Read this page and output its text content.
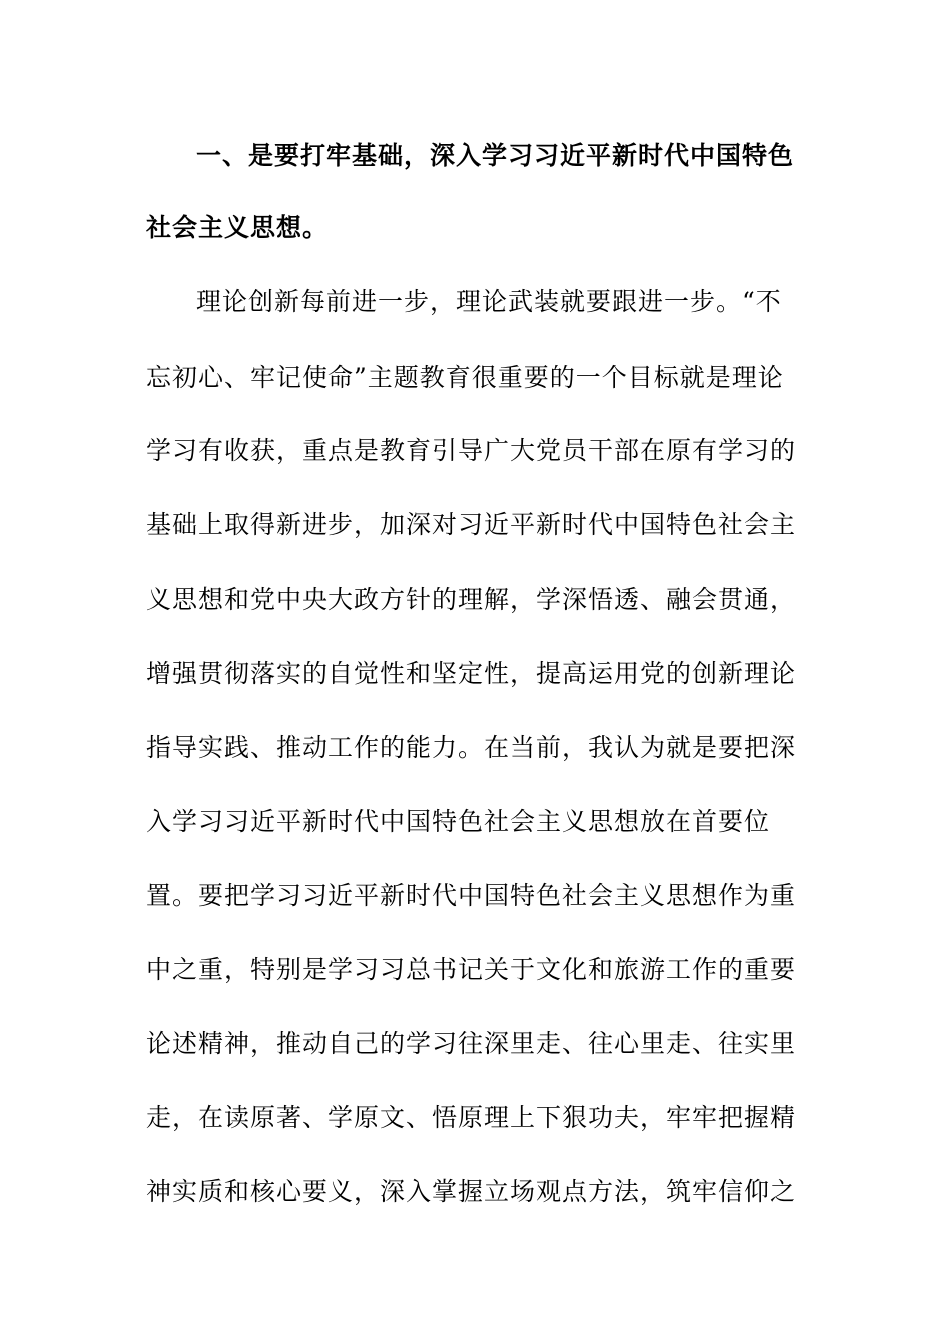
一、是要打牢基础，深入学习习近平新时代中国特色
社会主义思想。
理论创新每前进一步，理论武装就要跟进一步。“不
忘初心、牢记使命”主题教育很重要的一个目标就是理论
学习有收获，重点是教育引导广大党员干部在原有学习的
基础上取得新进步，加深对习近平新时代中国特色社会主
义思想和党中央大政方针的理解，学深悟透、融会贯通，
增强贯彻落实的自觉性和坚定性，提高运用党的创新理论
指导实践、推动工作的能力。在当前，我认为就是要把深
入学习习近平新时代中国特色社会主义思想放在首要位
置。要把学习习近平新时代中国特色社会主义思想作为重
中之重，特别是学习习总书记关于文化和旅游工作的重要
论述精神，推动自己的学习往深里走、往心里走、往实里
走，在读原著、学原文、悟原理上下狠功夫，牢牢把握精
神实质和核心要义，深入掌握立场观点方法，筑牢信仰之
